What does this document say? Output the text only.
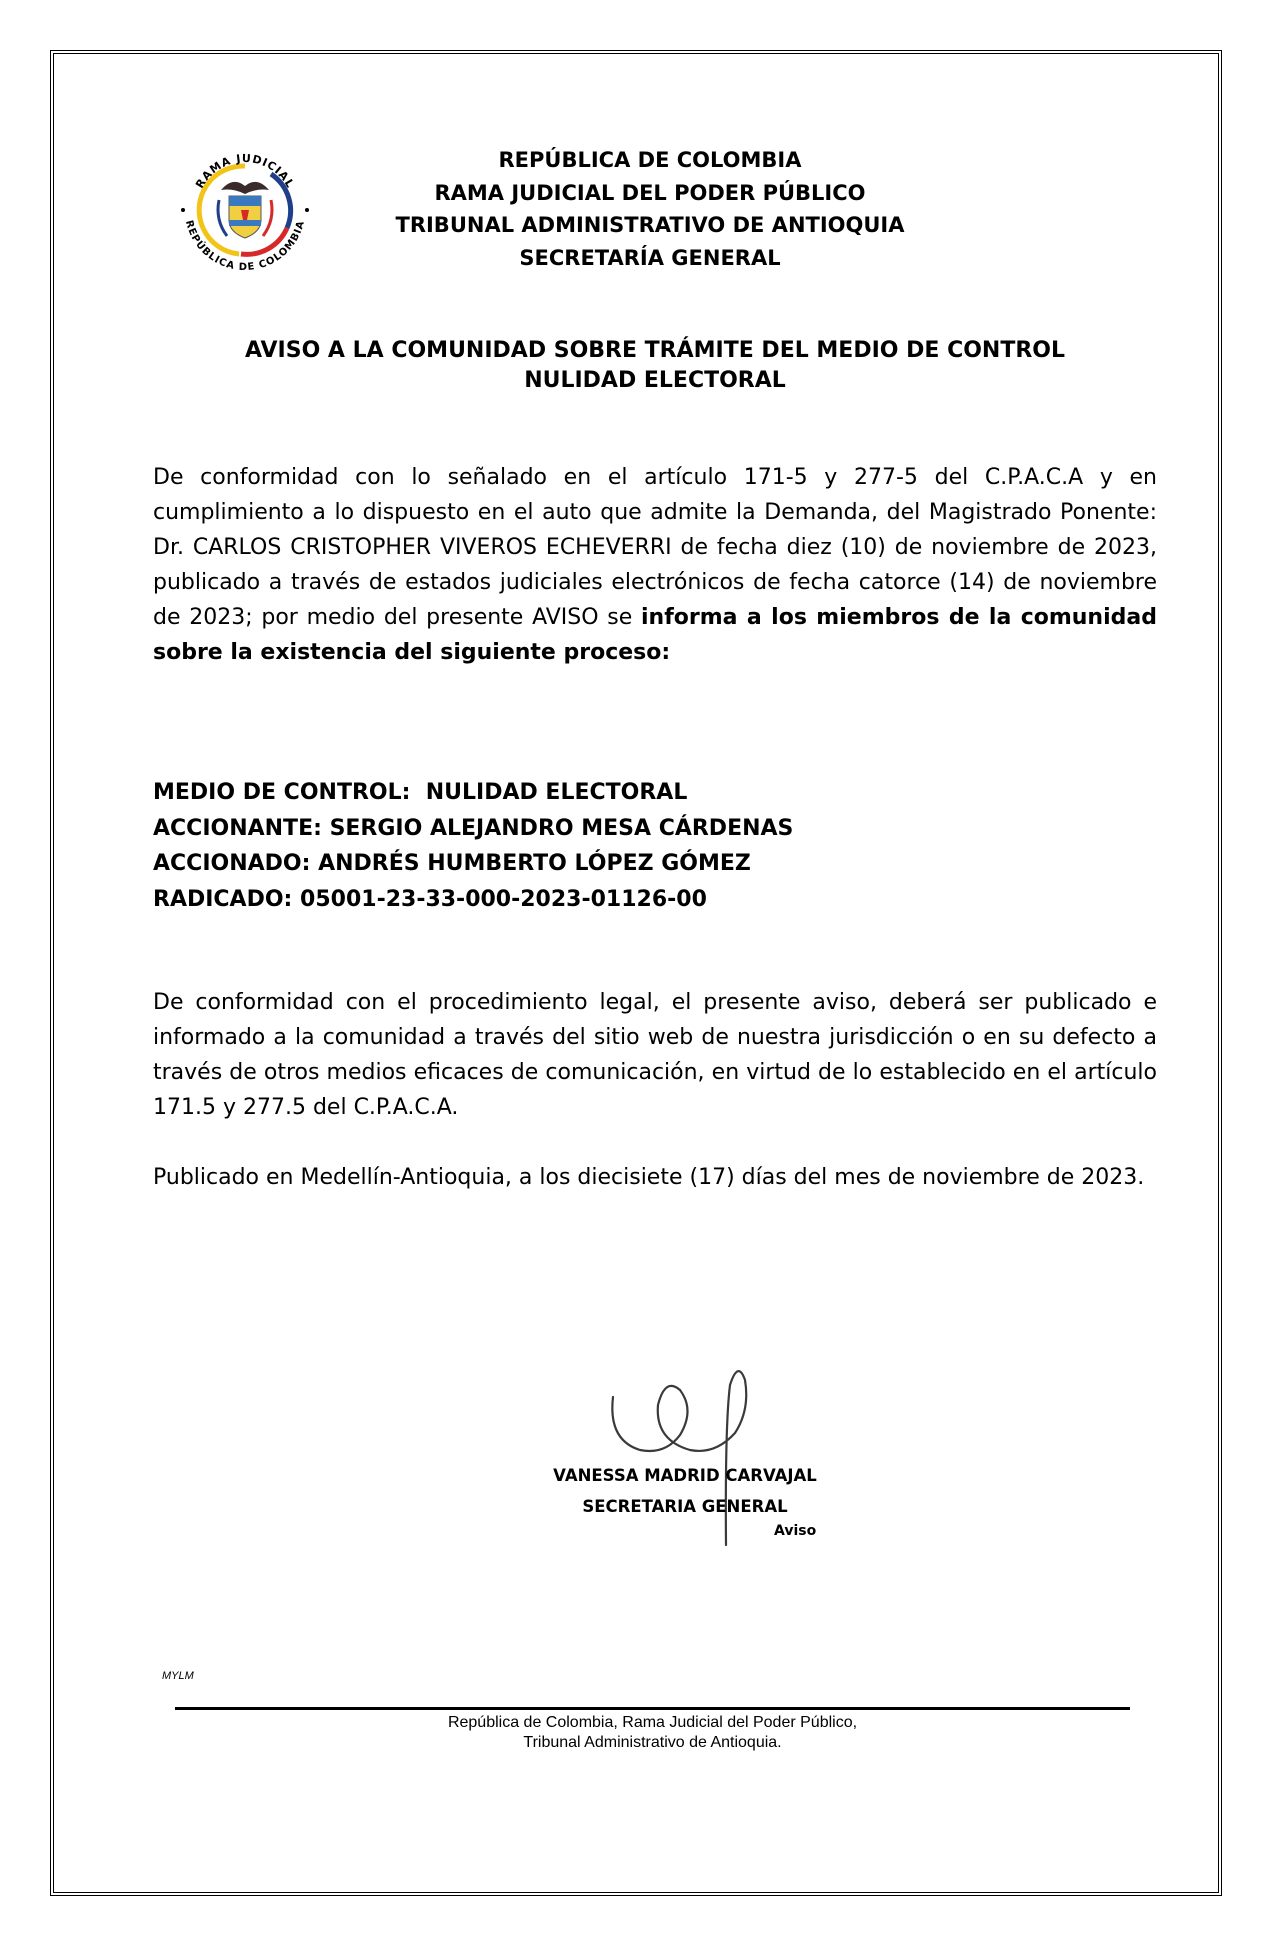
RAMA JUDICIAL
REPÚBLICA DE COLOMBIA
REPÚBLICA DE COLOMBIA
RAMA JUDICIAL DEL PODER PÚBLICO
TRIBUNAL ADMINISTRATIVO DE ANTIOQUIA
SECRETARÍA GENERAL
AVISO A LA COMUNIDAD SOBRE TRÁMITE DEL MEDIO DE CONTROL
NULIDAD ELECTORAL
De conformidad con lo señalado en el artículo 171-5 y 277-5 del C.P.A.C.A y en cumplimiento a lo dispuesto en el auto que admite la Demanda, del Magistrado Ponente: Dr. CARLOS CRISTOPHER VIVEROS ECHEVERRI de fecha diez (10) de noviembre de 2023, publicado a través de estados judiciales electrónicos de fecha catorce (14) de noviembre de 2023; por medio del presente AVISO se informa a los miembros de la comunidad sobre la existencia del siguiente proceso:
MEDIO DE CONTROL: NULIDAD ELECTORAL
ACCIONANTE: SERGIO ALEJANDRO MESA CÁRDENAS
ACCIONADO: ANDRÉS HUMBERTO LÓPEZ GÓMEZ
RADICADO: 05001-23-33-000-2023-01126-00
De conformidad con el procedimiento legal, el presente aviso, deberá ser publicado e informado a la comunidad a través del sitio web de nuestra jurisdicción o en su defecto a través de otros medios eficaces de comunicación, en virtud de lo establecido en el artículo 171.5 y 277.5 del C.P.A.C.A.
Publicado en Medellín-Antioquia, a los diecisiete (17) días del mes de noviembre de 2023.
VANESSA MADRID CARVAJAL
SECRETARIA GENERAL
Aviso
MYLM
República de Colombia, Rama Judicial del Poder Público,
Tribunal Administrativo de Antioquia.
